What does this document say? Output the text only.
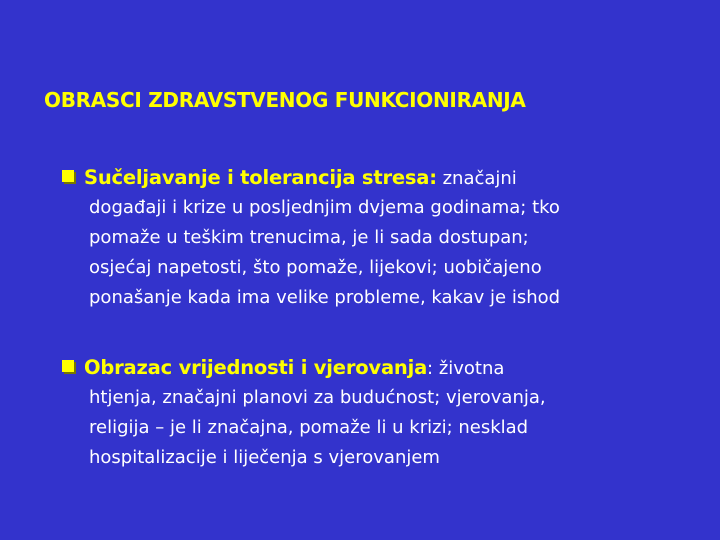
OBRASCI ZDRAVSTVENOG FUNKCIONIRANJA
Sučeljavanje i tolerancija stresa: značajni
događaji i krize u posljednjim dvjema godinama; tko
pomaže u teškim trenucima, je li sada dostupan;
osjećaj napetosti, što pomaže, lijekovi; uobičajeno
ponašanje kada ima velike probleme, kakav je ishod
Obrazac vrijednosti i vjerovanja: životna
htjenja, značajni planovi za budućnost; vjerovanja,
religija – je li značajna, pomaže li u krizi; nesklad
hospitalizacije i liječenja s vjerovanjem
